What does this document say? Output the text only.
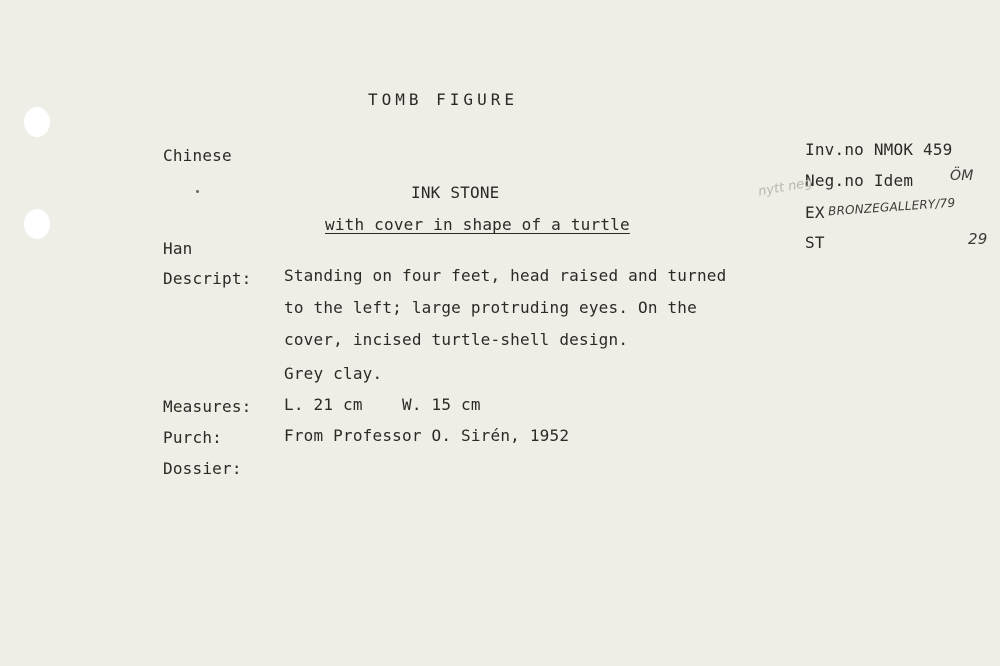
TOMB FIGURE
Chinese
INK STONE
with cover in shape of a turtle
Han
Descript: Standing on four feet, head raised and turned
to the left; large protruding eyes. On the
cover, incised turtle-shell design.
Grey clay.
Measures: L. 21 cm    W. 15 cm
Purch:	From Professor O. Sirén, 1952
Dossier:
Inv.no NMOK 459
Neg.no Idem	ÖM
nytt neg
EX BRONZEGALLERY/79
ST	29
